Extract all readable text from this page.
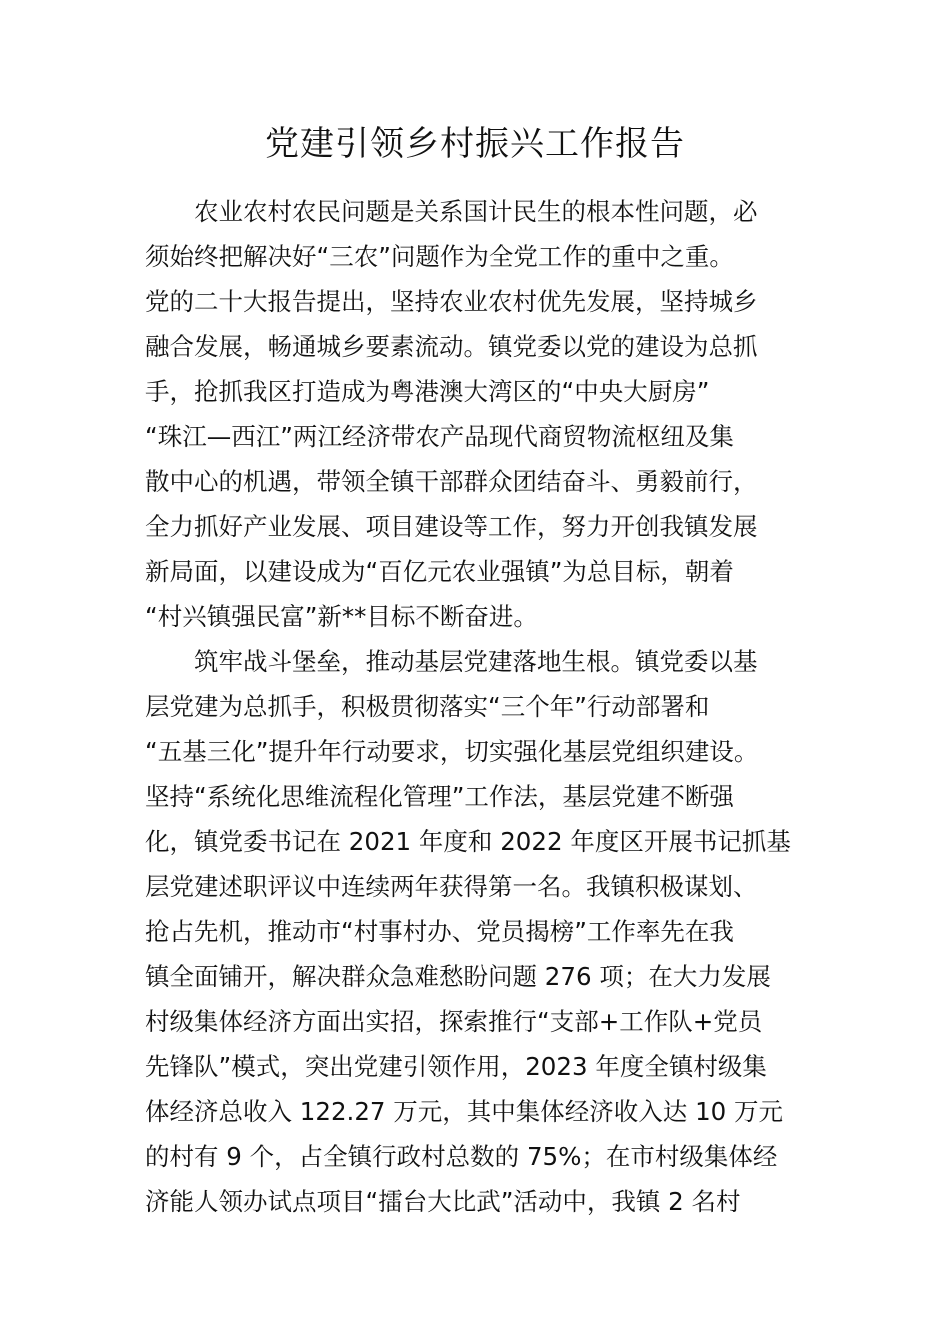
党建引领乡村振兴工作报告
农业农村农民问题是关系国计民生的根本性问题，必
须始终把解决好“三农”问题作为全党工作的重中之重。
党的二十大报告提出，坚持农业农村优先发展，坚持城乡
融合发展，畅通城乡要素流动。镇党委以党的建设为总抓
手，抢抓我区打造成为粤港澳大湾区的“中央大厨房”
“珠江—西江”两江经济带农产品现代商贸物流枢纽及集
散中心的机遇，带领全镇干部群众团结奋斗、勇毅前行，
全力抓好产业发展、项目建设等工作，努力开创我镇发展
新局面，以建设成为“百亿元农业强镇”为总目标，朝着
“村兴镇强民富”新**目标不断奋进。
筑牢战斗堡垒，推动基层党建落地生根。镇党委以基
层党建为总抓手，积极贯彻落实“三个年”行动部署和
“五基三化”提升年行动要求，切实强化基层党组织建设。
坚持“系统化思维流程化管理”工作法，基层党建不断强
化，镇党委书记在 2021 年度和 2022 年度区开展书记抓基
层党建述职评议中连续两年获得第一名。我镇积极谋划、
抢占先机，推动市“村事村办、党员揭榜”工作率先在我
镇全面铺开，解决群众急难愁盼问题 276 项；在大力发展
村级集体经济方面出实招，探索推行“支部+工作队+党员
先锋队”模式，突出党建引领作用，2023 年度全镇村级集
体经济总收入 122.27 万元，其中集体经济收入达 10 万元
的村有 9 个，占全镇行政村总数的 75%；在市村级集体经
济能人领办试点项目“擂台大比武”活动中，我镇 2 名村
